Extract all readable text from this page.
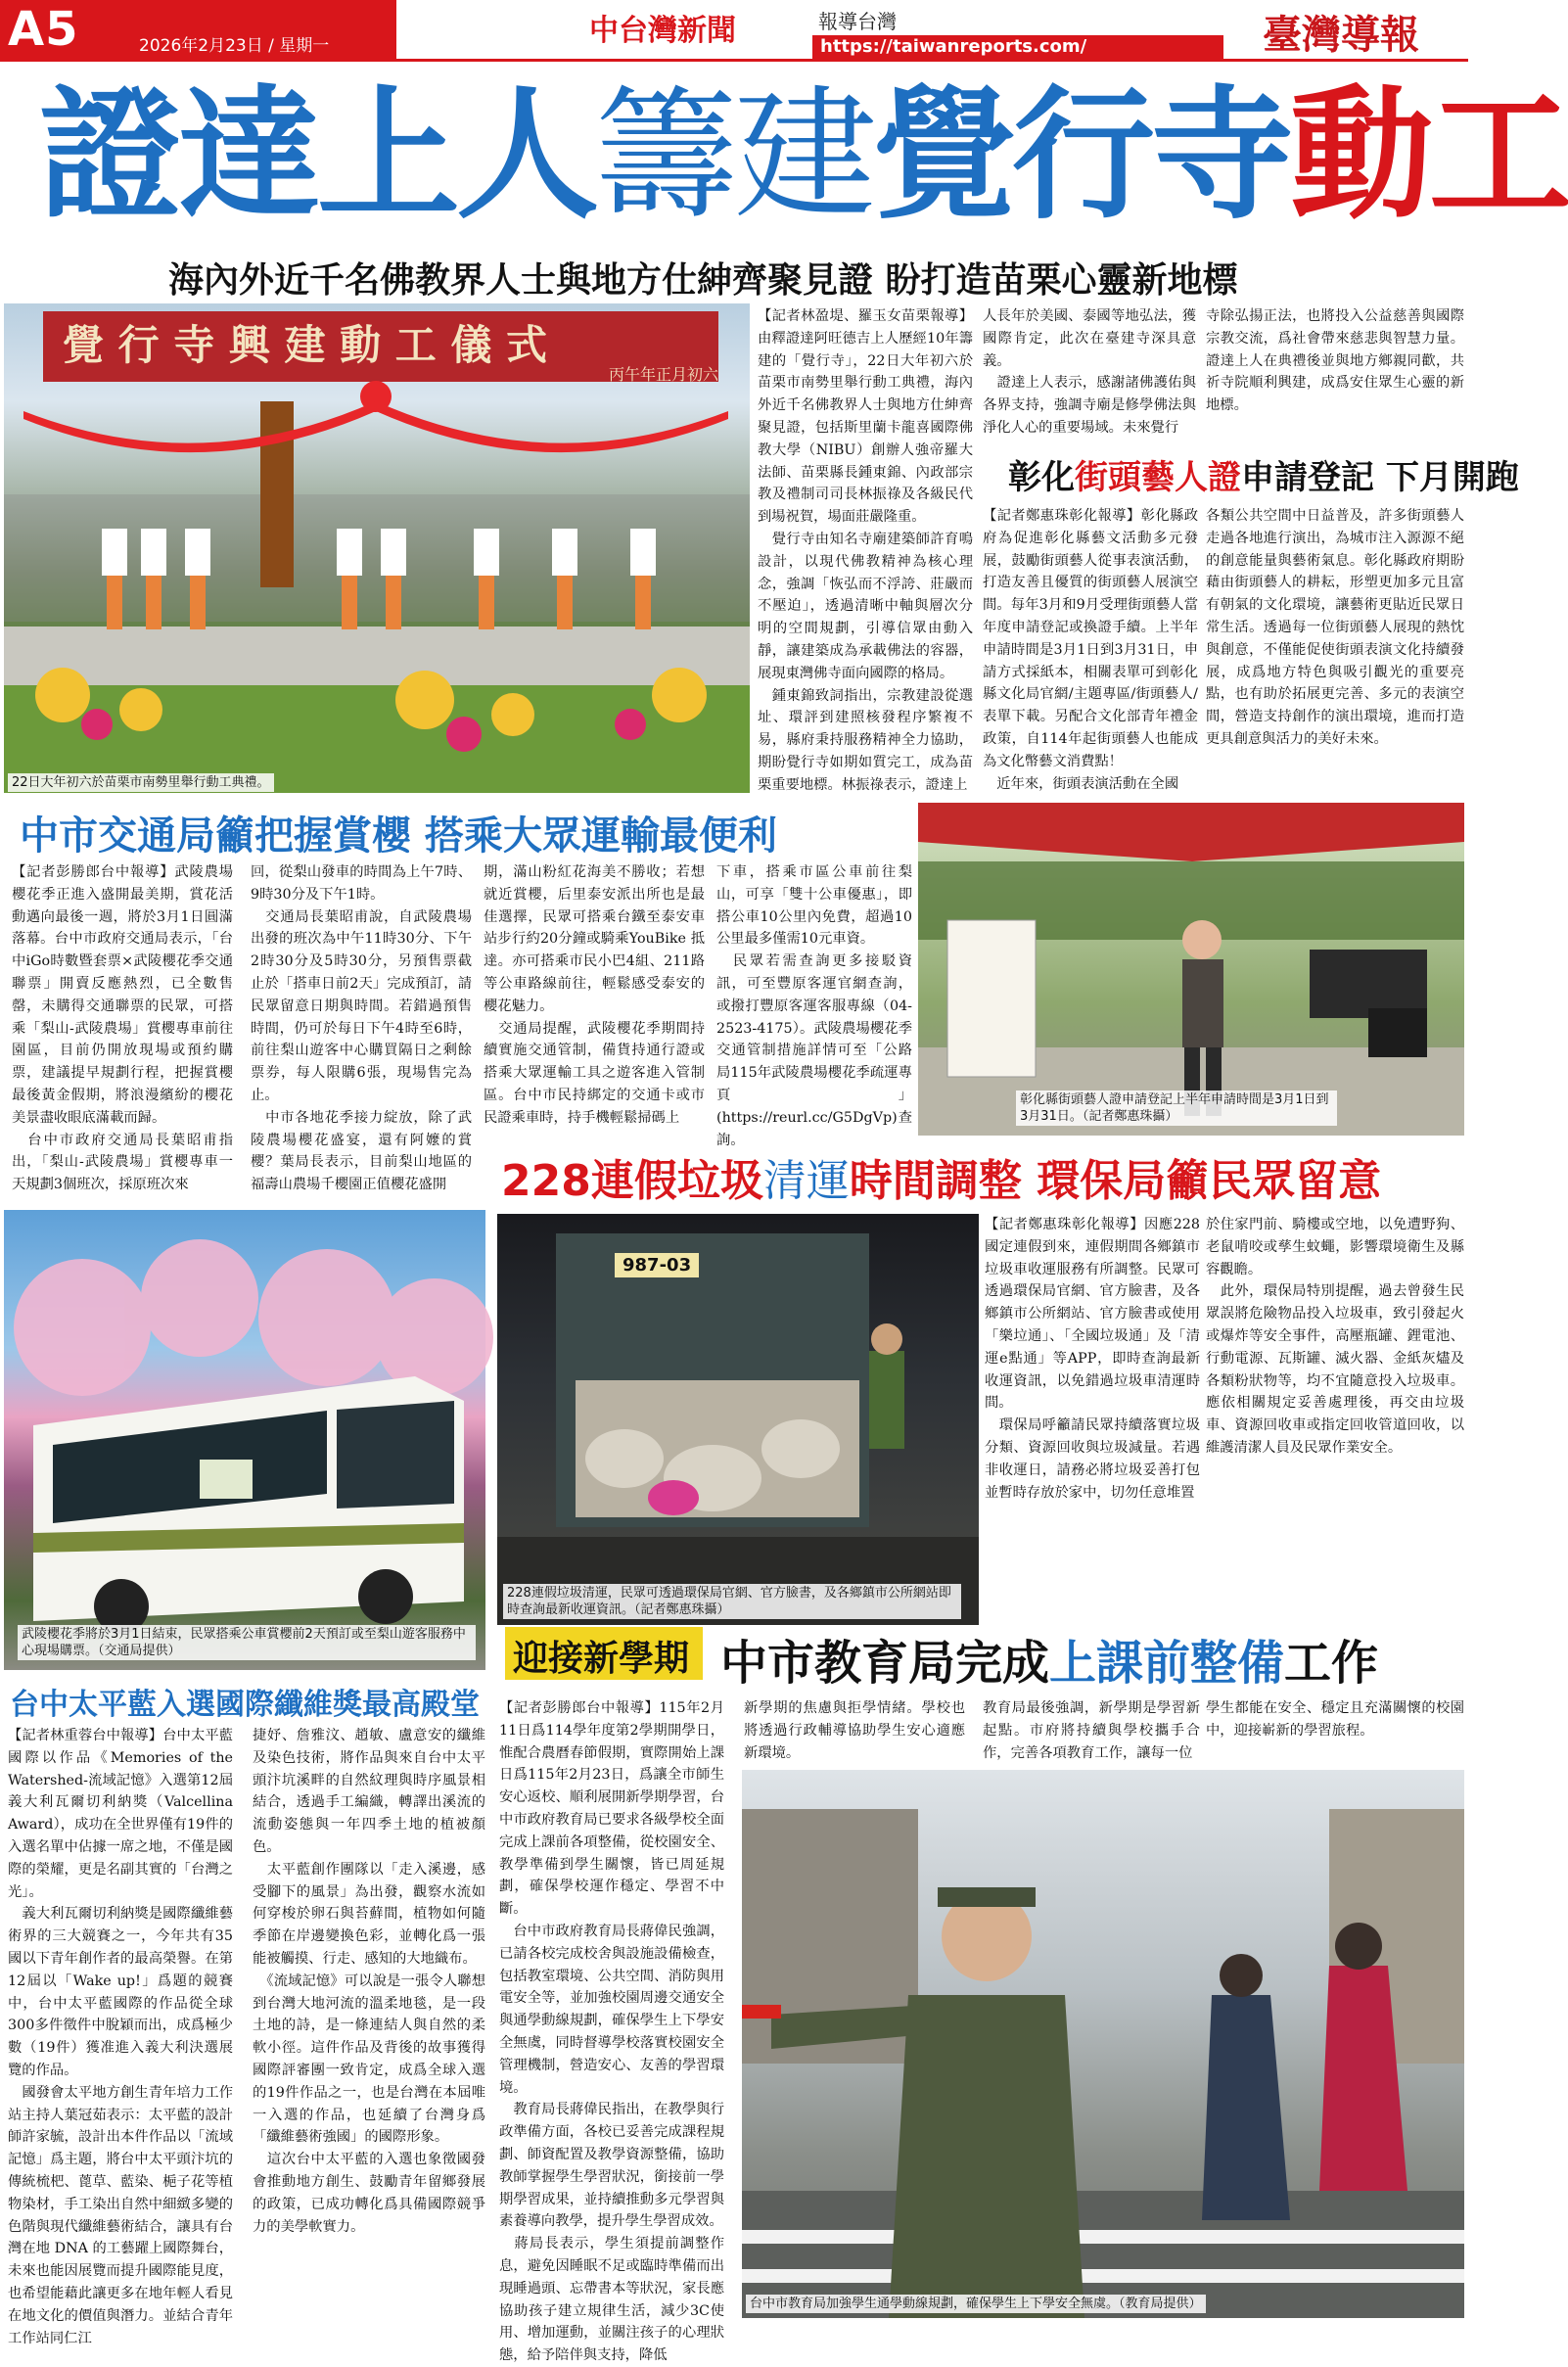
A5	2026年2月23日 / 星期一	中台灣新聞	報導台灣
https://taiwanreports.com/	臺灣導報
證達上人籌建覺行寺動工
海內外近千名佛教界人士與地方仕紳齊聚見證 盼打造苗栗心靈新地標
覺 行 寺 興 建 動 工 儀 式
丙午年正月初六
22日大年初六於苗栗市南勢里舉行動工典禮。
【記者林盈堤、羅玉女苗栗報導】由釋證達阿旺德吉上人歷經10年籌建的「覺行寺」，22日大年初六於苗栗市南勢里舉行動工典禮，海內外近千名佛教界人士與地方仕紳齊聚見證，包括斯里蘭卡龍喜國際佛教大學（NIBU）創辦人強帝羅大法師、苗栗縣長鍾東錦、內政部宗教及禮制司司長林振祿及各級民代到場祝賀，場面莊嚴隆重。
　覺行寺由知名寺廟建築師許育鳴設計，以現代佛教精神為核心理念，強調「恢弘而不浮誇、莊嚴而不壓迫」，透過清晰中軸與層次分明的空間規劃，引導信眾由動入靜，讓建築成為承載佛法的容器，展現東灣佛寺面向國際的格局。
　鍾東錦致詞指出，宗教建設從選址、環評到建照核發程序繁複不易，縣府秉持服務精神全力協助，期盼覺行寺如期如質完工，成為苗栗重要地標。林振祿表示，證達上
人長年於美國、泰國等地弘法，獲國際肯定，此次在臺建寺深具意義。
　證達上人表示，感謝諸佛護佑與各界支持，強調寺廟是修學佛法與淨化人心的重要場域。未來覺行
寺除弘揚正法，也將投入公益慈善與國際宗教交流，爲社會帶來慈悲與智慧力量。證達上人在典禮後並與地方鄉親同歡，共祈寺院順利興建，成爲安住眾生心靈的新地標。
彰化街頭藝人證申請登記 下月開跑
【記者鄭惠珠彰化報導】彰化縣政府為促進彰化縣藝文活動多元發展，鼓勵街頭藝人從事表演活動，打造友善且優質的街頭藝人展演空間。每年3月和9月受理街頭藝人當年度申請登記或換證手續。上半年申請時間是3月1日到3月31日，申請方式採紙本，相關表單可到彰化縣文化局官網/主題專區/街頭藝人/表單下載。另配合文化部青年禮金政策，自114年起街頭藝人也能成為文化幣藝文消費點！
　近年來，街頭表演活動在全國
各類公共空間中日益普及，許多街頭藝人走過各地進行演出，為城市注入源源不絕的創意能量與藝術氣息。彰化縣政府期盼藉由街頭藝人的耕耘，形塑更加多元且富有朝氣的文化環境，讓藝術更貼近民眾日常生活。透過每一位街頭藝人展現的熱忱與創意，不僅能促使街頭表演文化持續發展，成爲地方特色與吸引觀光的重要亮點，也有助於拓展更完善、多元的表演空間，營造支持創作的演出環境，進而打造更具創意與活力的美好未來。
彰化縣街頭藝人證申請登記上半年申請時間是3月1日到3月31日。（記者鄭惠珠攝）
中市交通局籲把握賞櫻 搭乘大眾運輸最便利
【記者彭勝郎台中報導】武陵農場櫻花季正進入盛開最美期，賞花活動邁向最後一週，將於3月1日圓滿落幕。台中市政府交通局表示，「台中iGo時數暨套票×武陵櫻花季交通聯票」開賣反應熱烈，已全數售罄，未購得交通聯票的民眾，可搭乘「梨山-武陵農場」賞櫻專車前往園區，目前仍開放現場或預約購票，建議提早規劃行程，把握賞櫻最後黃金假期，將浪漫繽紛的櫻花美景盡收眼底滿載而歸。
　台中市政府交通局長葉昭甫指出，「梨山-武陵農場」賞櫻專車一天規劃3個班次，採原班次來
回，從梨山發車的時間為上午7時、9時30分及下午1時。
　交通局長葉昭甫說，自武陵農場出發的班次為中午11時30分、下午2時30分及5時30分，另預售票截止於「搭車日前2天」完成預訂，請民眾留意日期與時間。若錯過預售時間，仍可於每日下午4時至6時，前往梨山遊客中心購買隔日之剩餘票券，每人限購6張，現場售完為止。
　中市各地花季接力綻放，除了武陵農場櫻花盛宴，還有阿嬤的賞櫻？葉局長表示，目前梨山地區的福壽山農場千櫻園正值櫻花盛開
期，滿山粉紅花海美不勝收；若想就近賞櫻，后里泰安派出所也是最佳選擇，民眾可搭乘台鐵至泰安車站步行約20分鐘或騎乘YouBike 抵達。亦可搭乘市民小巴4組、211路等公車路線前往，輕鬆感受泰安的櫻花魅力。
　交通局提醒，武陵櫻花季期間持續實施交通管制，備貨持通行證或搭乘大眾運輸工具之遊客進入管制區。台中市民持綁定的交通卡或市民證乘車時，持手機輕鬆掃碼上
下車，搭乘市區公車前往梨山，可享「雙十公車優惠」，即搭公車10公里內免費，超過10公里最多僅需10元車資。
　民眾若需查詢更多接駁資訊，可至豐原客運官網查詢，或撥打豐原客運客服專線（04-2523-4175）。武陵農場櫻花季交通管制措施詳情可至「公路局115年武陵農場櫻花季疏運專頁」(https://reurl.cc/G5DgVp)查詢。
武陵櫻花季將於3月1日結束，民眾搭乘公車賞櫻前2天預訂或至梨山遊客服務中心現場購票。（交通局提供）
228連假垃圾清運時間調整 環保局籲民眾留意
987-03
228連假垃圾清運，民眾可透過環保局官網、官方臉書，及各鄉鎮市公所網站即時查詢最新收運資訊。（記者鄭惠珠攝）
【記者鄭惠珠彰化報導】因應228國定連假到來，連假期間各鄉鎮市垃圾車收運服務有所調整。民眾可透過環保局官網、官方臉書，及各鄉鎮市公所網站、官方臉書或使用「樂垃通」、「全國垃圾通」及「清運e點通」等APP，即時查詢最新收運資訊，以免錯過垃圾車清運時間。
　環保局呼籲請民眾持續落實垃圾分類、資源回收與垃圾減量。若遇非收運日，請務必將垃圾妥善打包並暫時存放於家中，切勿任意堆置
於住家門前、騎樓或空地，以免遭野狗、老鼠啃咬或孳生蚊蠅，影響環境衛生及縣容觀瞻。
　此外，環保局特別提醒，過去曾發生民眾誤將危險物品投入垃圾車，致引發起火或爆炸等安全事件，高壓瓶罐、鋰電池、行動電源、瓦斯罐、滅火器、金紙灰燼及各類粉狀物等，均不宜隨意投入垃圾車。應依相關規定妥善處理後，再交由垃圾車、資源回收車或指定回收管道回收，以維護清潔人員及民眾作業安全。
台中太平藍入選國際纖維獎最高殿堂
【記者林重蓉台中報導】台中太平藍國際以作品《Memories of the Watershed-流域記憶》入選第12屆義大利瓦爾切利納獎（Valcellina Award），成功在全世界僅有19件的入選名單中佔據一席之地，不僅是國際的榮耀，更是名副其實的「台灣之光」。
　義大利瓦爾切利納獎是國際纖維藝術界的三大競賽之一，今年共有35國以下青年創作者的最高榮譽。在第12屆以「Wake up!」爲題的競賽中，台中太平藍國際的作品從全球300多件徵件中脫穎而出，成爲極少數（19件）獲准進入義大利決選展覽的作品。
　國發會太平地方創生青年培力工作站主持人葉冠茹表示：太平藍的設計師許家毓，設計出本件作品以「流域記憶」爲主題，將台中太平頭汴坑的傳統梳杷、蓖草、藍染、梔子花等植物染材，手工染出自然中細緻多變的色階與現代纖維藝術結合，讓具有台灣在地 DNA 的工藝躍上國際舞台，未來也能因展覽而提升國際能見度，也希望能藉此讓更多在地年輕人看見在地文化的價值與潛力。並結合青年工作站同仁江
捷妤、詹雅汶、趙敏、盧意安的纖維及染色技術，將作品與來自台中太平頭汴坑溪畔的自然紋理與時序風景相結合，透過手工編織，轉譯出溪流的流動姿態與一年四季土地的植被顏色。
　太平藍創作團隊以「走入溪邊，感受腳下的風景」為出發，觀察水流如何穿梭於卵石與苔蘚間，植物如何隨季節在岸邊變換色彩，並轉化爲一張能被觸摸、行走、感知的大地織布。
　《流域記憶》可以說是一張令人聯想到台灣大地河流的溫柔地毯，是一段土地的詩，是一條連結人與自然的柔軟小徑。這件作品及背後的故事獲得國際評審團一致肯定，成爲全球入選的19件作品之一，也是台灣在本屆唯一入選的作品，也延續了台灣身爲「纖維藝術強國」的國際形象。
　這次台中太平藍的入選也象徵國發會推動地方創生、鼓勵青年留鄉發展的政策，已成功轉化爲具備國際競爭力的美學軟實力。
迎接新學期 中市教育局完成上課前整備工作
【記者彭勝郎台中報導】115年2月11日爲114學年度第2學期開學日，惟配合農曆春節假期，實際開始上課日爲115年2月23日，爲讓全市師生安心返校、順利展開新學期學習，台中市政府教育局已要求各級學校全面完成上課前各項整備，從校園安全、教學準備到學生關懷，皆已周延規劃，確保學校運作穩定、學習不中斷。
　台中市政府教育局長蔣偉民強調，已請各校完成校舍與設施設備檢查，包括教室環境、公共空間、消防與用電安全等，並加強校園周邊交通安全與通學動線規劃，確保學生上下學安全無虞，同時督導學校落實校園安全管理機制，營造安心、友善的學習環境。
　教育局長蔣偉民指出，在教學與行政準備方面，各校已妥善完成課程規劃、師資配置及教學資源整備，協助教師掌握學生學習狀況，銜接前一學期學習成果，並持續推動多元學習與素養導向教學，提升學生學習成效。
　蔣局長表示，學生須提前調整作息，避免因睡眠不足或臨時準備而出現睡過頭、忘帶書本等狀況，家長應協助孩子建立規律生活，減少3C使用、增加運動，並關注孩子的心理狀態，給予陪伴與支持，降低
新學期的焦慮與拒學情緒。學校也將透過行政輔導協助學生安心適應新環境。
教育局最後強調，新學期是學習新起點。市府將持續與學校攜手合作，完善各項教育工作，讓每一位
學生都能在安全、穩定且充滿關懷的校園中，迎接嶄新的學習旅程。
台中市教育局加強學生通學動線規劃，確保學生上下學安全無虞。（教育局提供）
